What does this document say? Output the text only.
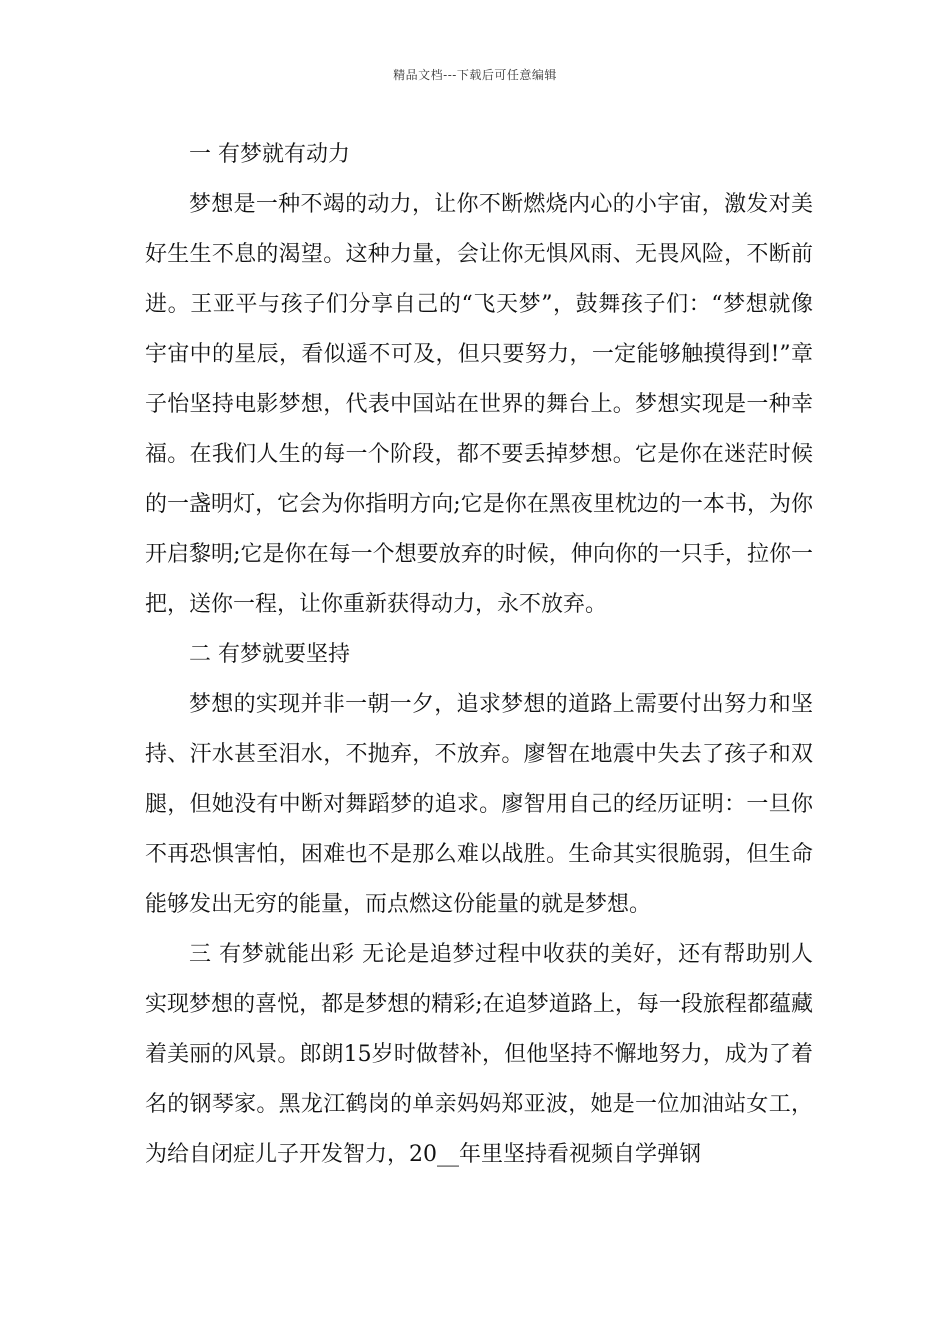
精品文档---下载后可任意编辑

一 有梦就有动力

梦想是一种不竭的动力，让你不断燃烧内心的小宇宙，激发对美好生生不息的渴望。这种力量，会让你无惧风雨、无畏风险，不断前进。王亚平与孩子们分享自己的“飞天梦”，鼓舞孩子们：“梦想就像宇宙中的星辰，看似遥不可及，但只要努力，一定能够触摸得到!”章子怡坚持电影梦想，代表中国站在世界的舞台上。梦想实现是一种幸福。在我们人生的每一个阶段，都不要丢掉梦想。它是你在迷茫时候的一盏明灯，它会为你指明方向;它是你在黑夜里枕边的一本书，为你开启黎明;它是你在每一个想要放弃的时候，伸向你的一只手，拉你一把，送你一程，让你重新获得动力，永不放弃。

二 有梦就要坚持

梦想的实现并非一朝一夕，追求梦想的道路上需要付出努力和坚持、汗水甚至泪水，不抛弃，不放弃。廖智在地震中失去了孩子和双腿，但她没有中断对舞蹈梦的追求。廖智用自己的经历证明：一旦你不再恐惧害怕，困难也不是那么难以战胜。生命其实很脆弱，但生命能够发出无穷的能量，而点燃这份能量的就是梦想。

三 有梦就能出彩 无论是追梦过程中收获的美好，还有帮助别人实现梦想的喜悦，都是梦想的精彩;在追梦道路上，每一段旅程都蕴藏着美丽的风景。郎朗15岁时做替补，但他坚持不懈地努力，成为了着名的钢琴家。黑龙江鹤岗的单亲妈妈郑亚波，她是一位加油站女工，为给自闭症儿子开发智力，20__年里坚持看视频自学弹钢
